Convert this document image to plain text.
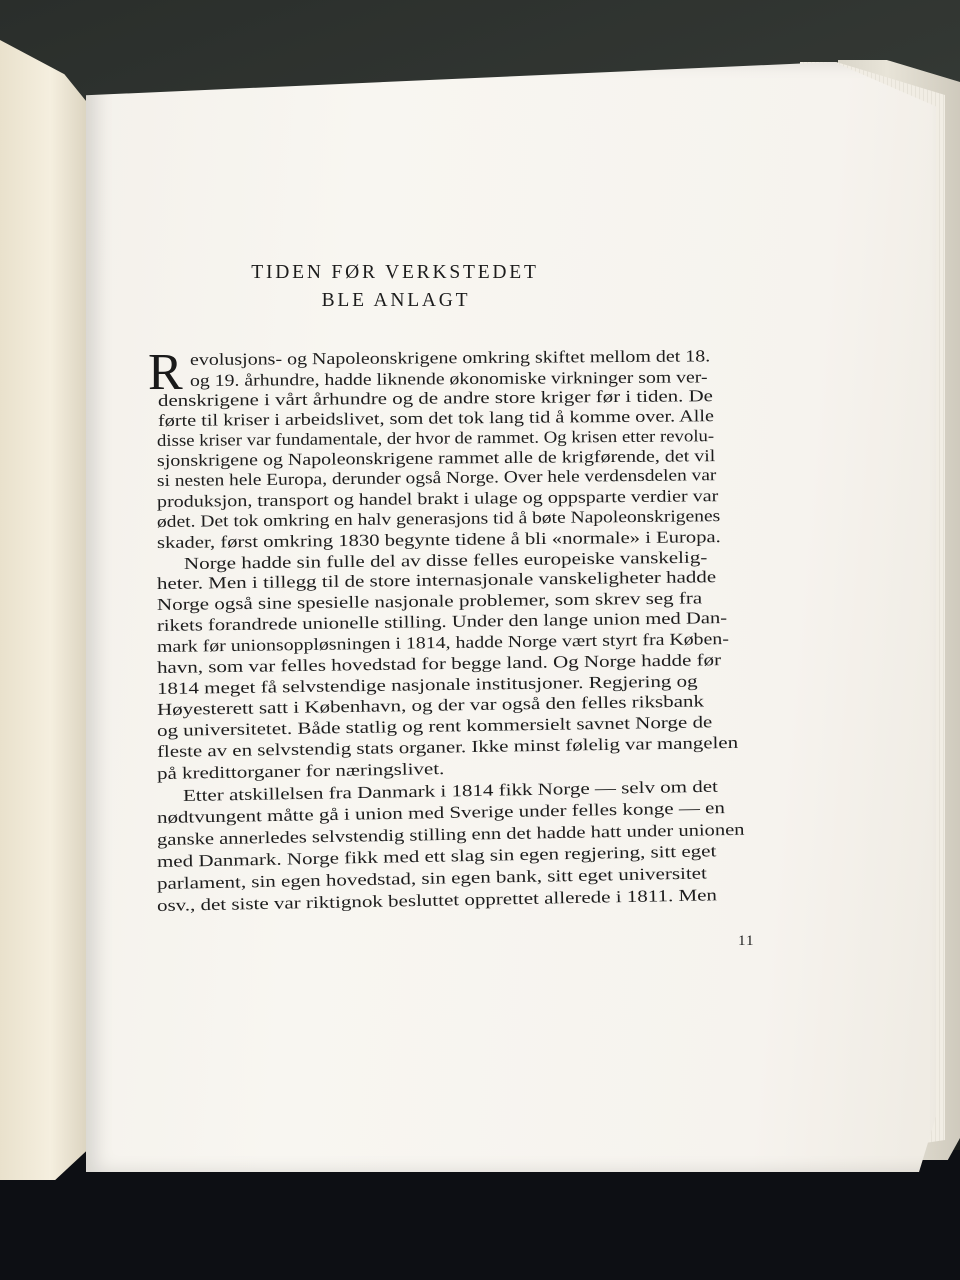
TIDEN FØR VERKSTEDET
BLE ANLAGT
R evolusjons- og Napoleonskrigene omkring skiftet mellom det 18.
og 19. århundre, hadde liknende økonomiske virkninger som ver-
denskrigene i vårt århundre og de andre store kriger før i tiden. De
førte til kriser i arbeidslivet, som det tok lang tid å komme over. Alle
disse kriser var fundamentale, der hvor de rammet. Og krisen etter revolu-
sjonskrigene og Napoleonskrigene rammet alle de krigførende, det vil
si nesten hele Europa, derunder også Norge. Over hele verdensdelen var
produksjon, transport og handel brakt i ulage og oppsparte verdier var
ødet. Det tok omkring en halv generasjons tid å bøte Napoleonskrigenes
skader, først omkring 1830 begynte tidene å bli «normale» i Europa.
Norge hadde sin fulle del av disse felles europeiske vanskelig-
heter. Men i tillegg til de store internasjonale vanskeligheter hadde
Norge også sine spesielle nasjonale problemer, som skrev seg fra
rikets forandrede unionelle stilling. Under den lange union med Dan-
mark før unionsoppløsningen i 1814, hadde Norge vært styrt fra Køben-
havn, som var felles hovedstad for begge land. Og Norge hadde før
1814 meget få selvstendige nasjonale institusjoner. Regjering og
Høyesterett satt i København, og der var også den felles riksbank
og universitetet. Både statlig og rent kommersielt savnet Norge de
fleste av en selvstendig stats organer. Ikke minst følelig var mangelen
på kredittorganer for næringslivet.
Etter atskillelsen fra Danmark i 1814 fikk Norge — selv om det
nødtvungent måtte gå i union med Sverige under felles konge — en
ganske annerledes selvstendig stilling enn det hadde hatt under unionen
med Danmark. Norge fikk med ett slag sin egen regjering, sitt eget
parlament, sin egen hovedstad, sin egen bank, sitt eget universitet
osv., det siste var riktignok besluttet opprettet allerede i 1811. Men
11
